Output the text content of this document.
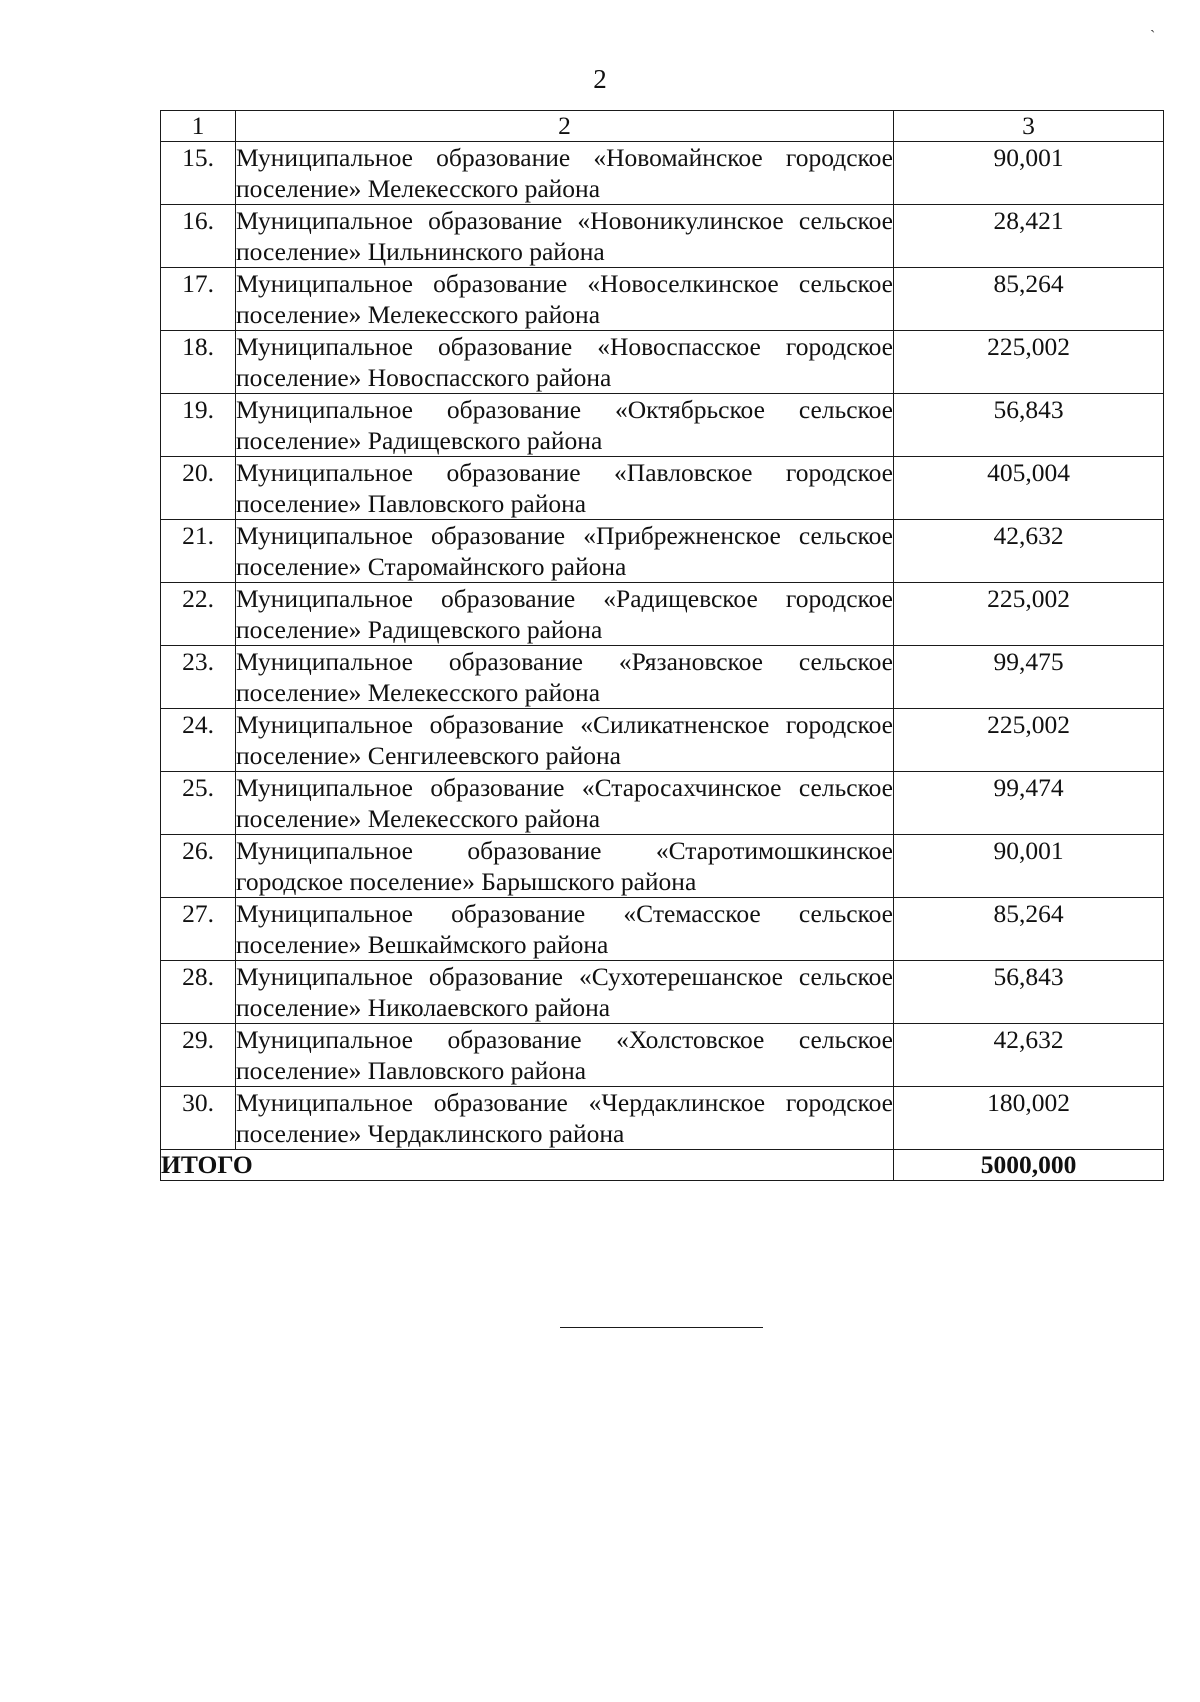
2
`
1	2	3
15.	Муниципальное образование «Новомайнское городское поселение» Мелекесского района	90,001
16.	Муниципальное образование «Новоникулинское сельское поселение» Цильнинского района	28,421
17.	Муниципальное образование «Новоселкинское сельское поселение» Мелекесского района	85,264
18.	Муниципальное образование «Новоспасское городское поселение» Новоспасского района	225,002
19.	Муниципальное образование «Октябрьское сельское поселение» Радищевского района	56,843
20.	Муниципальное образование «Павловское городское поселение» Павловского района	405,004
21.	Муниципальное образование «Прибрежненское сельское поселение» Старомайнского района	42,632
22.	Муниципальное образование «Радищевское городское поселение» Радищевского района	225,002
23.	Муниципальное образование «Рязановское сельское поселение» Мелекесского района	99,475
24.	Муниципальное образование «Силикатненское городское поселение» Сенгилеевского района	225,002
25.	Муниципальное образование «Старосахчинское сельское поселение» Мелекесского района	99,474
26.	Муниципальное образование «Старотимошкинское городское поселение» Барышского района	90,001
27.	Муниципальное образование «Стемасское сельское поселение» Вешкаймского района	85,264
28.	Муниципальное образование «Сухотерешанское сельское поселение» Николаевского района	56,843
29.	Муниципальное образование «Холстовское сельское поселение» Павловского района	42,632
30.	Муниципальное образование «Чердаклинское городское поселение» Чердаклинского района	180,002
ИТОГО		5000,000
